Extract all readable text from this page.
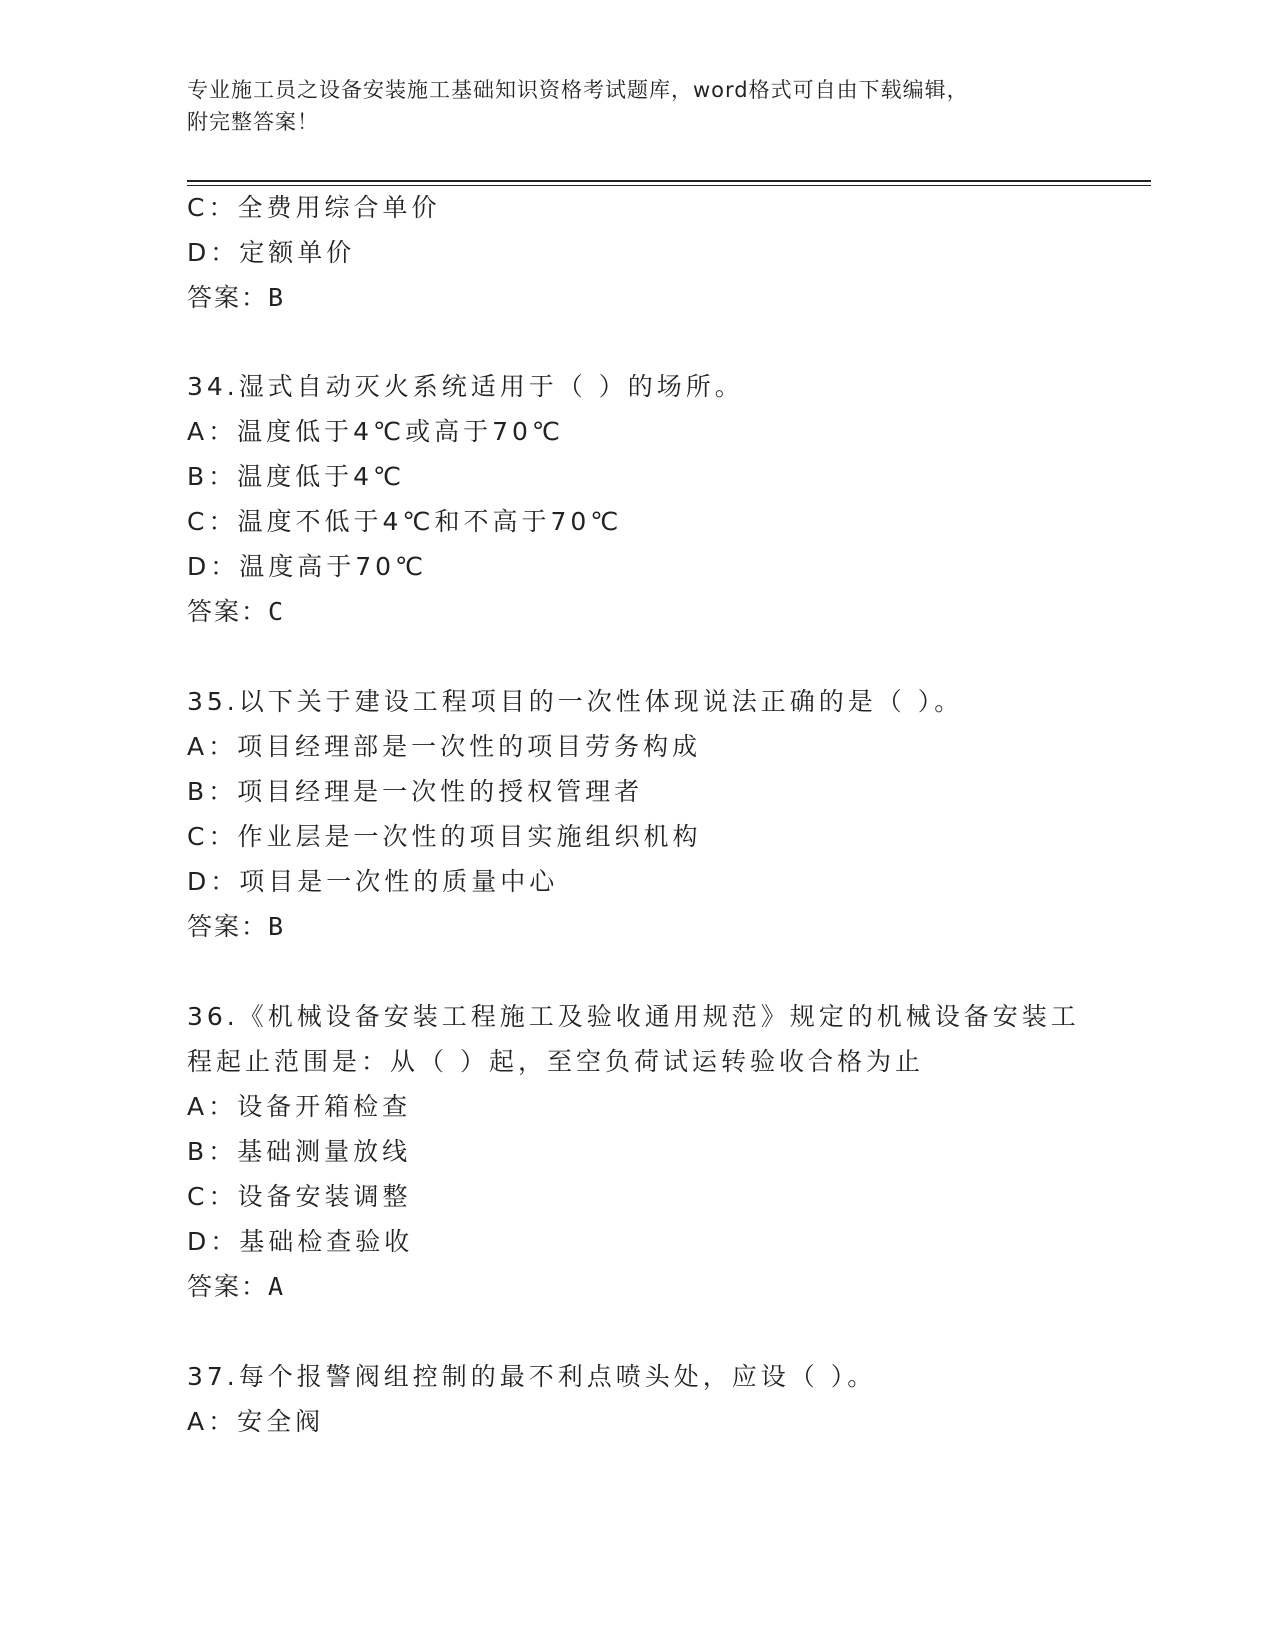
专业施工员之设备安装施工基础知识资格考试题库，word格式可自由下载编辑，
附完整答案！
C：全费用综合单价
D：定额单价
答案：B
34.湿式自动灭火系统适用于（ ）的场所。
A：温度低于4℃或高于70℃
B：温度低于4℃
C：温度不低于4℃和不高于70℃
D：温度高于70℃
答案：C
35.以下关于建设工程项目的一次性体现说法正确的是（ ）。
A：项目经理部是一次性的项目劳务构成
B：项目经理是一次性的授权管理者
C：作业层是一次性的项目实施组织机构
D：项目是一次性的质量中心
答案：B
36.《机械设备安装工程施工及验收通用规范》规定的机械设备安装工
程起止范围是：从（ ）起，至空负荷试运转验收合格为止
A：设备开箱检查
B：基础测量放线
C：设备安装调整
D：基础检查验收
答案：A
37.每个报警阀组控制的最不利点喷头处，应设（ ）。
A：安全阀
